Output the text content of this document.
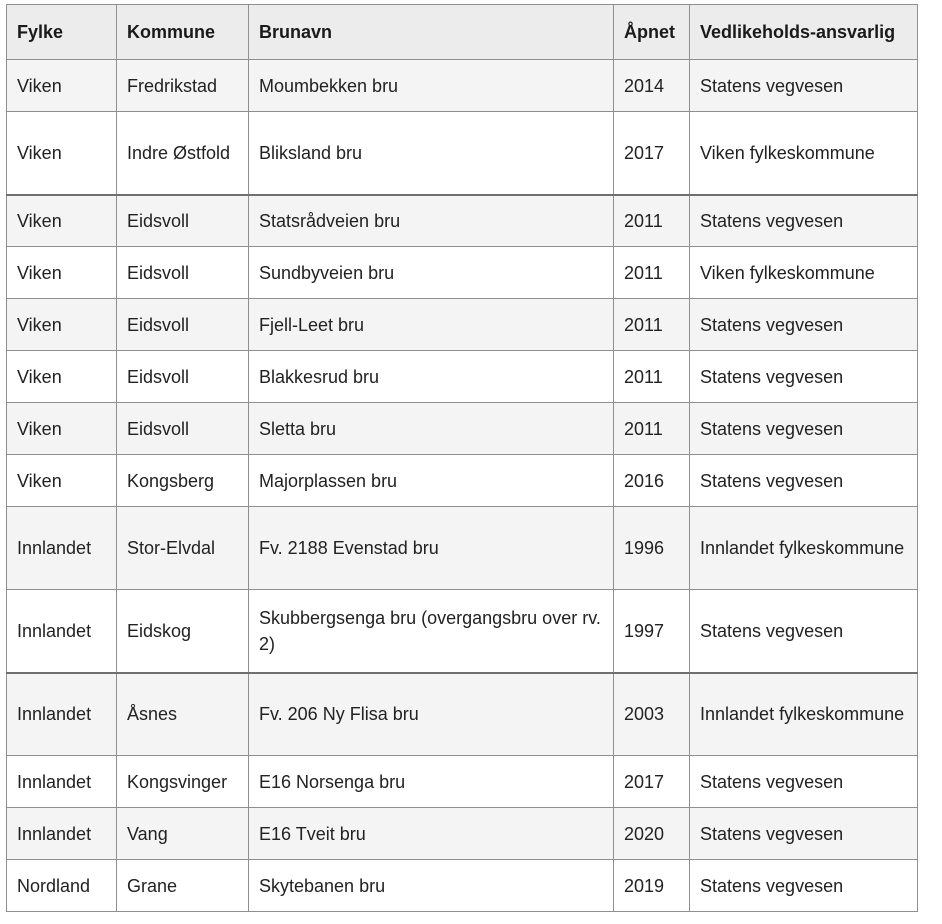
Fylke	Kommune	Brunavn	Åpnet	Vedlikeholds-ansvarlig
Viken	Fredrikstad	Moumbekken bru	2014	Statens vegvesen
Viken	Indre Østfold	Bliksland bru	2017	Viken fylkeskommune
Viken	Eidsvoll	Statsrådveien bru	2011	Statens vegvesen
Viken	Eidsvoll	Sundbyveien bru	2011	Viken fylkeskommune
Viken	Eidsvoll	Fjell-Leet bru	2011	Statens vegvesen
Viken	Eidsvoll	Blakkesrud bru	2011	Statens vegvesen
Viken	Eidsvoll	Sletta bru	2011	Statens vegvesen
Viken	Kongsberg	Majorplassen bru	2016	Statens vegvesen
Innlandet	Stor-Elvdal	Fv. 2188 Evenstad bru	1996	Innlandet fylkeskommune
Innlandet	Eidskog	Skubbergsenga bru (overgangsbru over rv. 2)	1997	Statens vegvesen
Innlandet	Åsnes	Fv. 206 Ny Flisa bru	2003	Innlandet fylkeskommune
Innlandet	Kongsvinger	E16 Norsenga bru	2017	Statens vegvesen
Innlandet	Vang	E16 Tveit bru	2020	Statens vegvesen
Nordland	Grane	Skytebanen bru	2019	Statens vegvesen
